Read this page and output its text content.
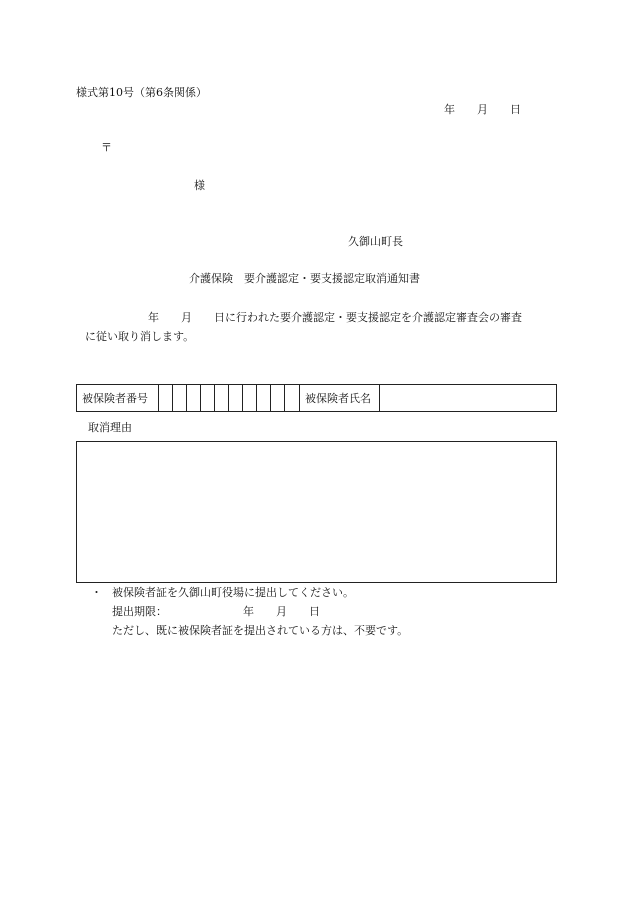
様式第10号（第6条関係）
年　　月　　日
〒
様
久御山町長
介護保険　要介護認定・要支援認定取消通知書
年　　月　　日に行われた要介護認定・要支援認定を介護認定審査会の審査
に従い取り消します。
被保険者番号											被保険者氏名	
取消理由
・ 被保険者証を久御山町役場に提出してください。
提出期限：	年　　月　　日
ただし、既に被保険者証を提出されている方は、不要です。
